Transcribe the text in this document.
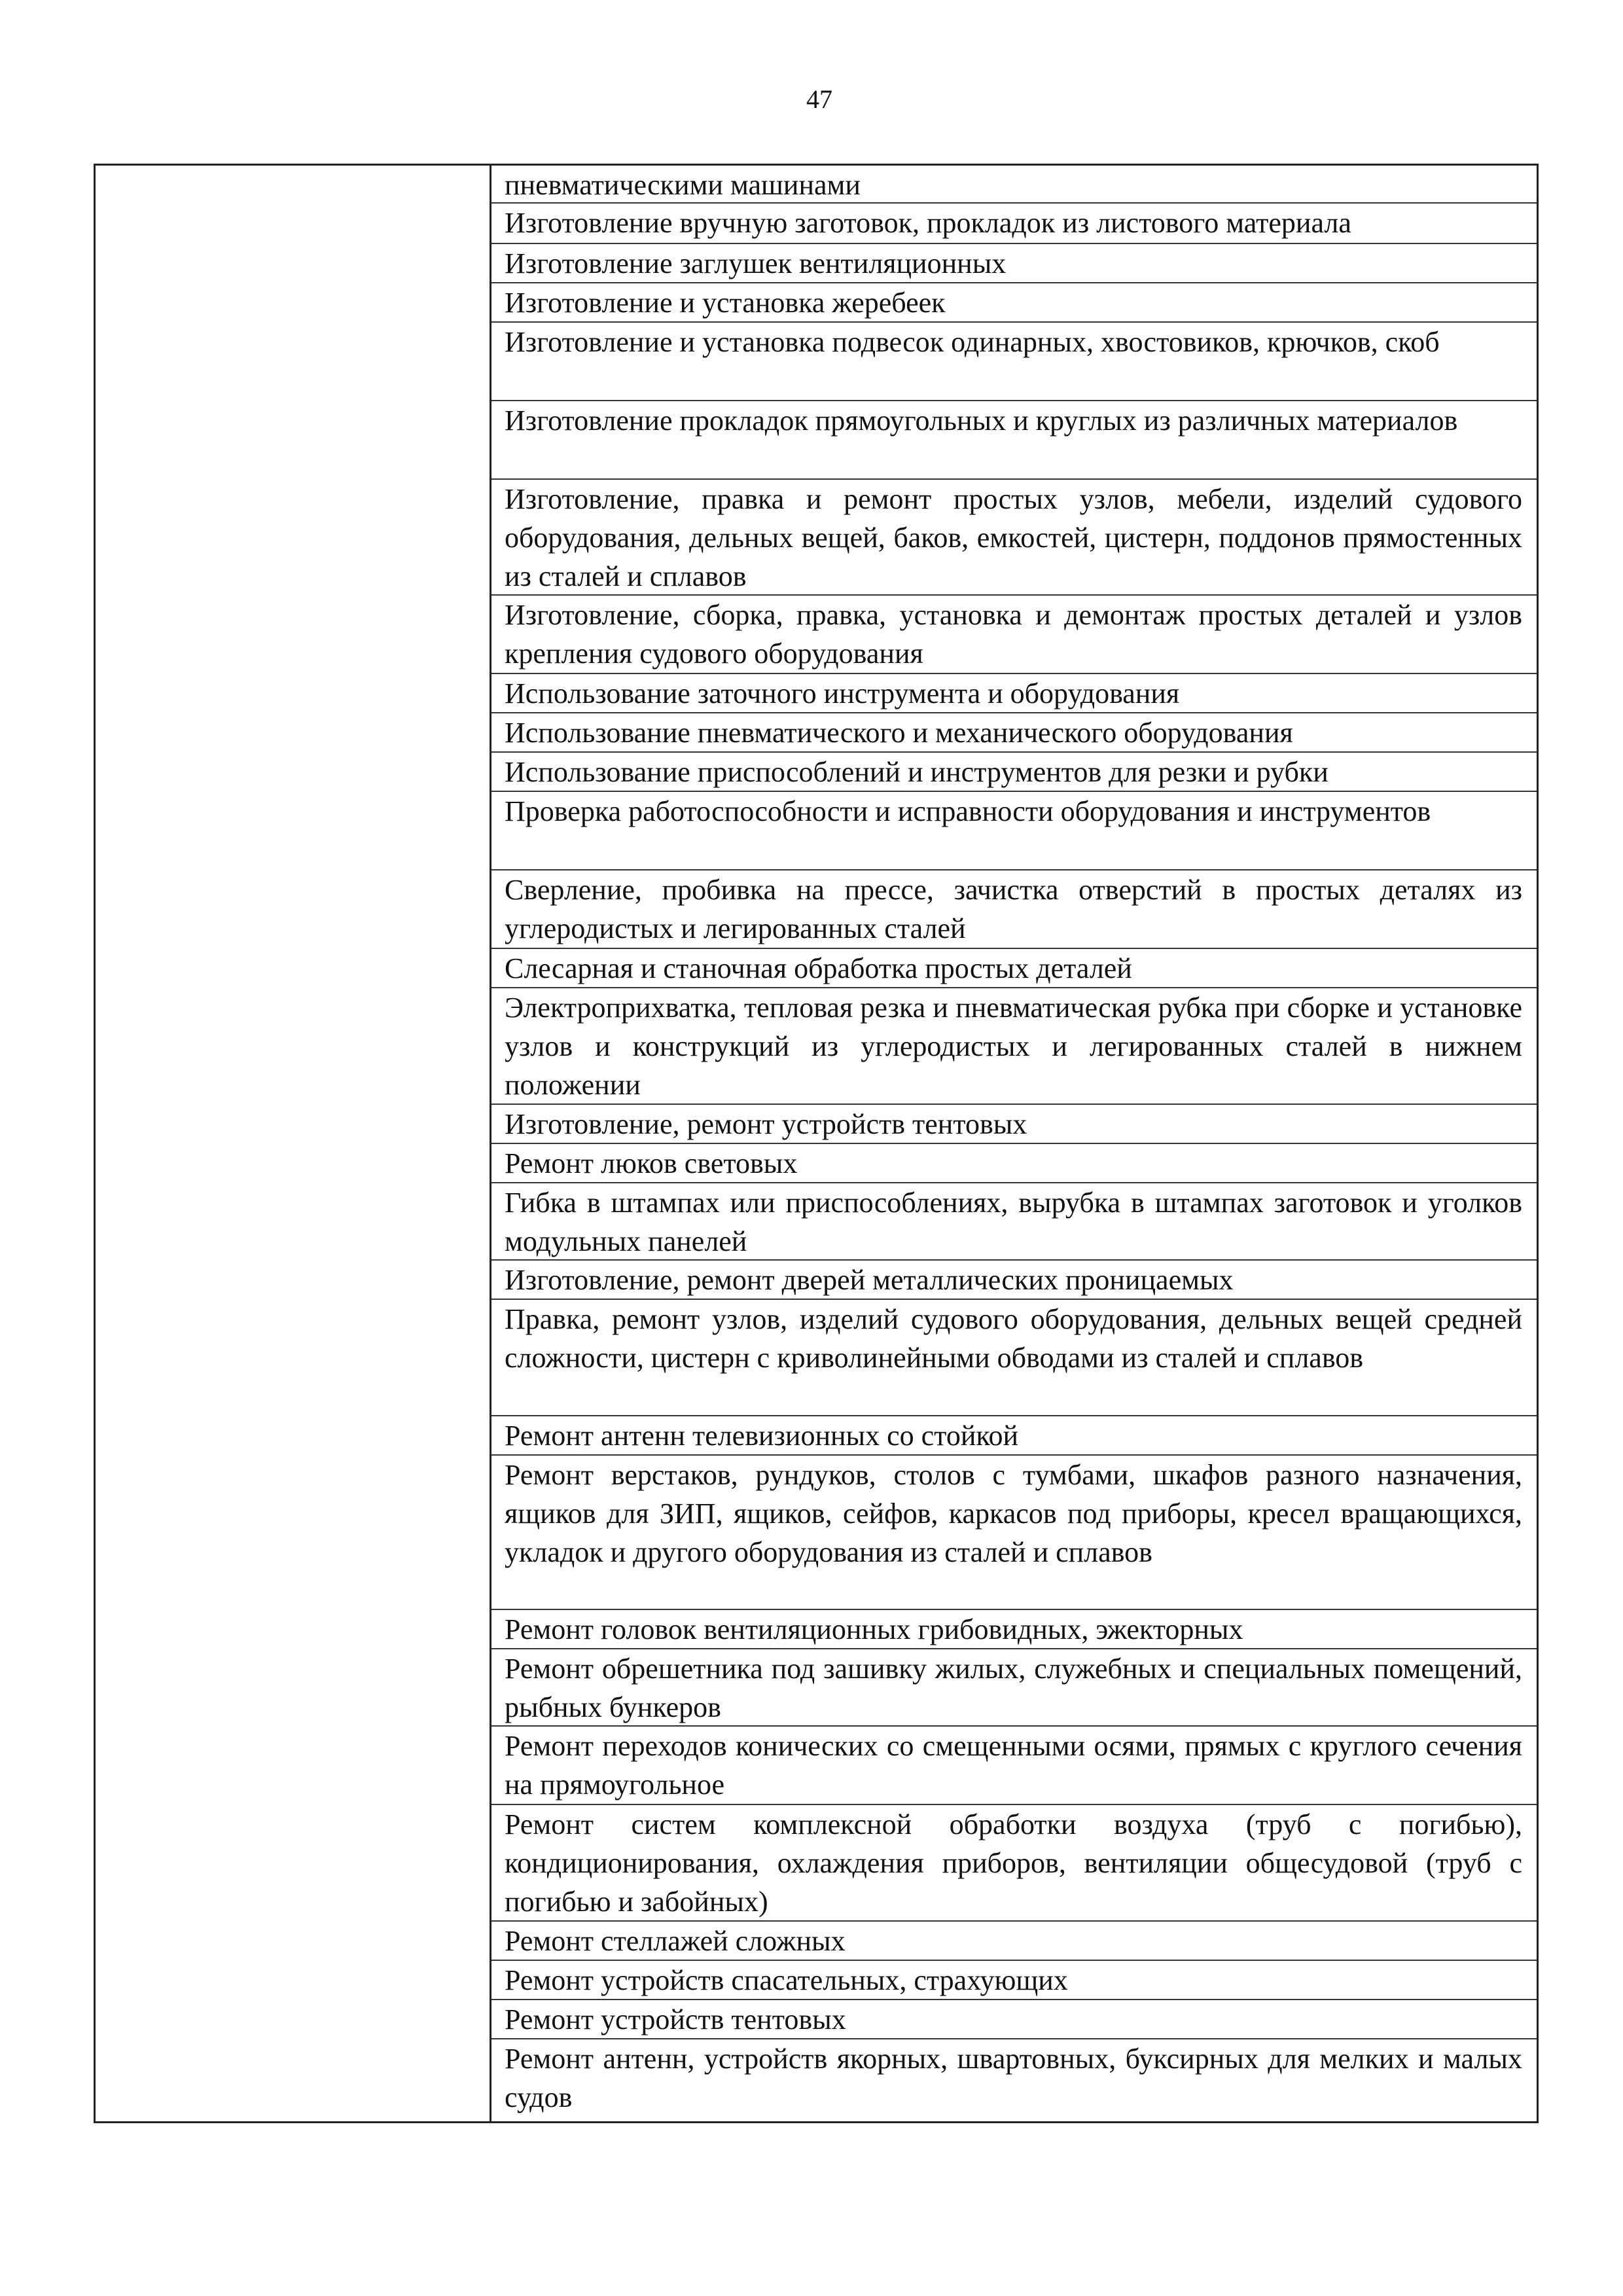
47
пневматическими машинами
Изготовление вручную заготовок, прокладок из листового материала
Изготовление заглушек вентиляционных
Изготовление и установка жеребеек
Изготовление и установка подвесок одинарных, хвостовиков, крючков, скоб
Изготовление прокладок прямоугольных и круглых из различных материалов
Изготовление, правка и ремонт простых узлов, мебели, изделий судового оборудования, дельных вещей, баков, емкостей, цистерн, поддонов прямостенных из сталей и сплавов
Изготовление, сборка, правка, установка и демонтаж простых деталей и узлов крепления судового оборудования
Использование заточного инструмента и оборудования
Использование пневматического и механического оборудования
Использование приспособлений и инструментов для резки и рубки
Проверка работоспособности и исправности оборудования и инструментов
Сверление, пробивка на прессе, зачистка отверстий в простых деталях из углеродистых и легированных сталей
Слесарная и станочная обработка простых деталей
Электроприхватка, тепловая резка и пневматическая рубка при сборке и установке узлов и конструкций из углеродистых и легированных сталей в нижнем положении
Изготовление, ремонт устройств тентовых
Ремонт люков световых
Гибка в штампах или приспособлениях, вырубка в штампах заготовок и уголков модульных панелей
Изготовление, ремонт дверей металлических проницаемых
Правка, ремонт узлов, изделий судового оборудования, дельных вещей средней сложности, цистерн с криволинейными обводами из сталей и сплавов
Ремонт антенн телевизионных со стойкой
Ремонт верстаков, рундуков, столов с тумбами, шкафов разного назначения, ящиков для ЗИП, ящиков, сейфов, каркасов под приборы, кресел вращающихся, укладок и другого оборудования из сталей и сплавов
Ремонт головок вентиляционных грибовидных, эжекторных
Ремонт обрешетника под зашивку жилых, служебных и специальных помещений, рыбных бункеров
Ремонт переходов конических со смещенными осями, прямых с круглого сечения на прямоугольное
Ремонт систем комплексной обработки воздуха (труб с погибью), кондиционирования, охлаждения приборов, вентиляции общесудовой (труб с погибью и забойных)
Ремонт стеллажей сложных
Ремонт устройств спасательных, страхующих
Ремонт устройств тентовых
Ремонт антенн, устройств якорных, швартовных, буксирных для мелких и малых судов
